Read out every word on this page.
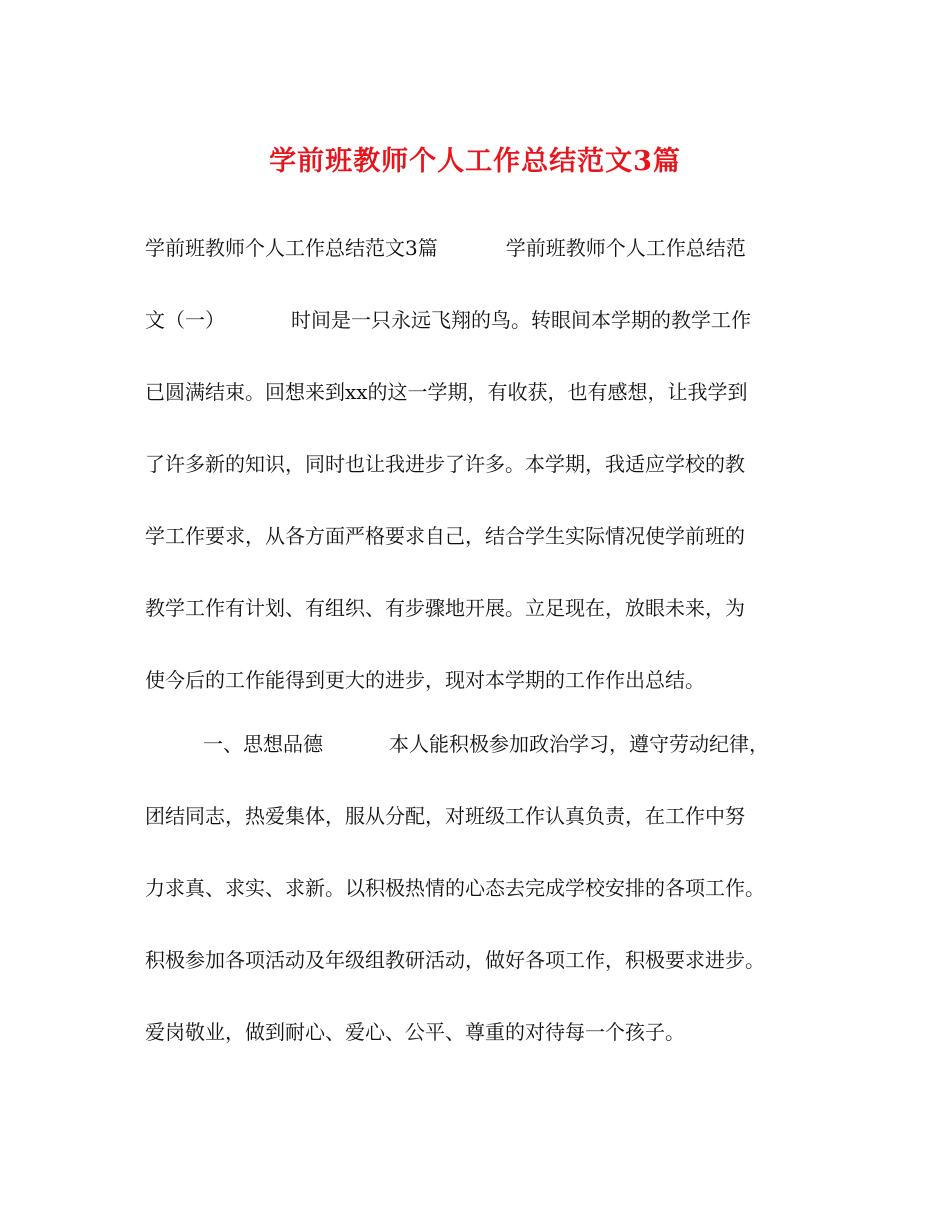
学前班教师个人工作总结范文3篇
学前班教师个人工作总结范文3篇	学前班教师个人工作总结范
文（一）	时间是一只永远飞翔的鸟。转眼间本学期的教学工作
已圆满结束。回想来到xx的这一学期，有收获，也有感想，让我学到
了许多新的知识，同时也让我进步了许多。本学期，我适应学校的教
学工作要求，从各方面严格要求自己，结合学生实际情况使学前班的
教学工作有计划、有组织、有步骤地开展。立足现在，放眼未来，为
使今后的工作能得到更大的进步，现对本学期的工作作出总结。
一、思想品德	本人能积极参加政治学习，遵守劳动纪律，
团结同志，热爱集体，服从分配，对班级工作认真负责，在工作中努
力求真、求实、求新。以积极热情的心态去完成学校安排的各项工作。
积极参加各项活动及年级组教研活动，做好各项工作，积极要求进步。
爱岗敬业，做到耐心、爱心、公平、尊重的对待每一个孩子。
